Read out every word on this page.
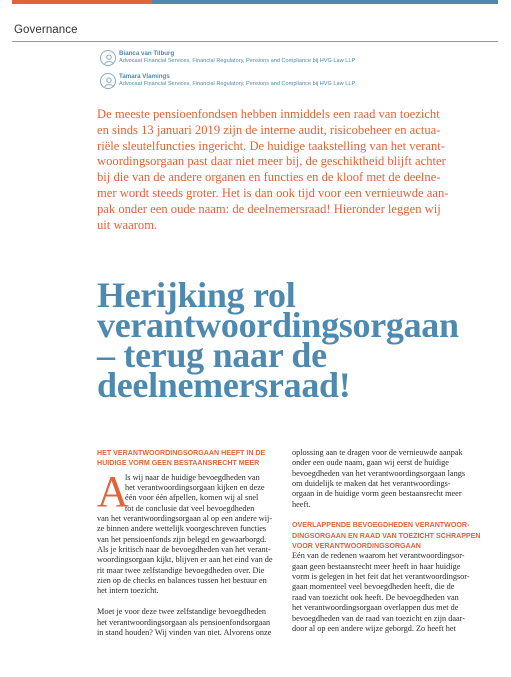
Governance
Bianca van Tilburg
Advocaat Financial Services, Financial Regulatory, Pensions and Compliance bij HVG Law LLP
Tamara Vlamings
Advocaat Financial Services, Financial Regulatory, Pensions and Compliance bij HVG Law LLP
De meeste pensioenfondsen hebben inmiddels een raad van toezicht
en sinds 13 januari 2019 zijn de interne audit, risicobeheer en actua-
riële sleutelfuncties ingericht. De huidige taakstelling van het verant-
woordingsorgaan past daar niet meer bij, de geschiktheid blijft achter
bij die van de andere organen en functies en de kloof met de deelne-
mer wordt steeds groter. Het is dan ook tijd voor een vernieuwde aan-
pak onder een oude naam: de deelnemersraad! Hieronder leggen wij
uit waarom.
Herijking rol
verantwoordingsorgaan
– terug naar de
deelnemersraad!
A
HET VERANTWOORDINGSORGAAN HEEFT IN DE
HUIDIGE VORM GEEN BESTAANSRECHT MEER
ls wij naar de huidige bevoegdheden van
het verantwoordingsorgaan kijken en deze
één voor één afpellen, komen wij al snel
tot de conclusie dat veel bevoegdheden
van het verantwoordingsorgaan al op een andere wij-
ze binnen andere wettelijk voorgeschreven functies
van het pensioenfonds zijn belegd en gewaarborgd.
Als je kritisch naar de bevoegdheden van het verant-
woordingsorgaan kijkt, blijven er aan het eind van de
rit maar twee zelfstandige bevoegdheden over. Die
zien op de checks en balances tussen het bestuur en
het intern toezicht.
Moet je voor deze twee zelfstandige bevoegdheden
het verantwoordingsorgaan als pensioenfondsorgaan
in stand houden? Wij vinden van niet. Alvorens onze
oplossing aan te dragen voor de vernieuwde aanpak
onder een oude naam, gaan wij eerst de huidige
bevoegdheden van het verantwoordingsorgaan langs
om duidelijk te maken dat het verantwoordings-
orgaan in de huidige vorm geen bestaansrecht meer
heeft.
OVERLAPPENDE BEVOEGDHEDEN VERANTWOOR-
DINGSORGAAN EN RAAD VAN TOEZICHT SCHRAPPEN
VOOR VERANTWOORDINGSORGAAN
Eén van de redenen waarom het verantwoordingsor-
gaan geen bestaansrecht meer heeft in haar huidige
vorm is gelegen in het feit dat het verantwoordingsor-
gaan momenteel veel bevoegdheden heeft, die de
raad van toezicht ook heeft. De bevoegdheden van
het verantwoordingsorgaan overlappen dus met de
bevoegdheden van de raad van toezicht en zijn daar-
door al op een andere wijze geborgd. Zo heeft het
